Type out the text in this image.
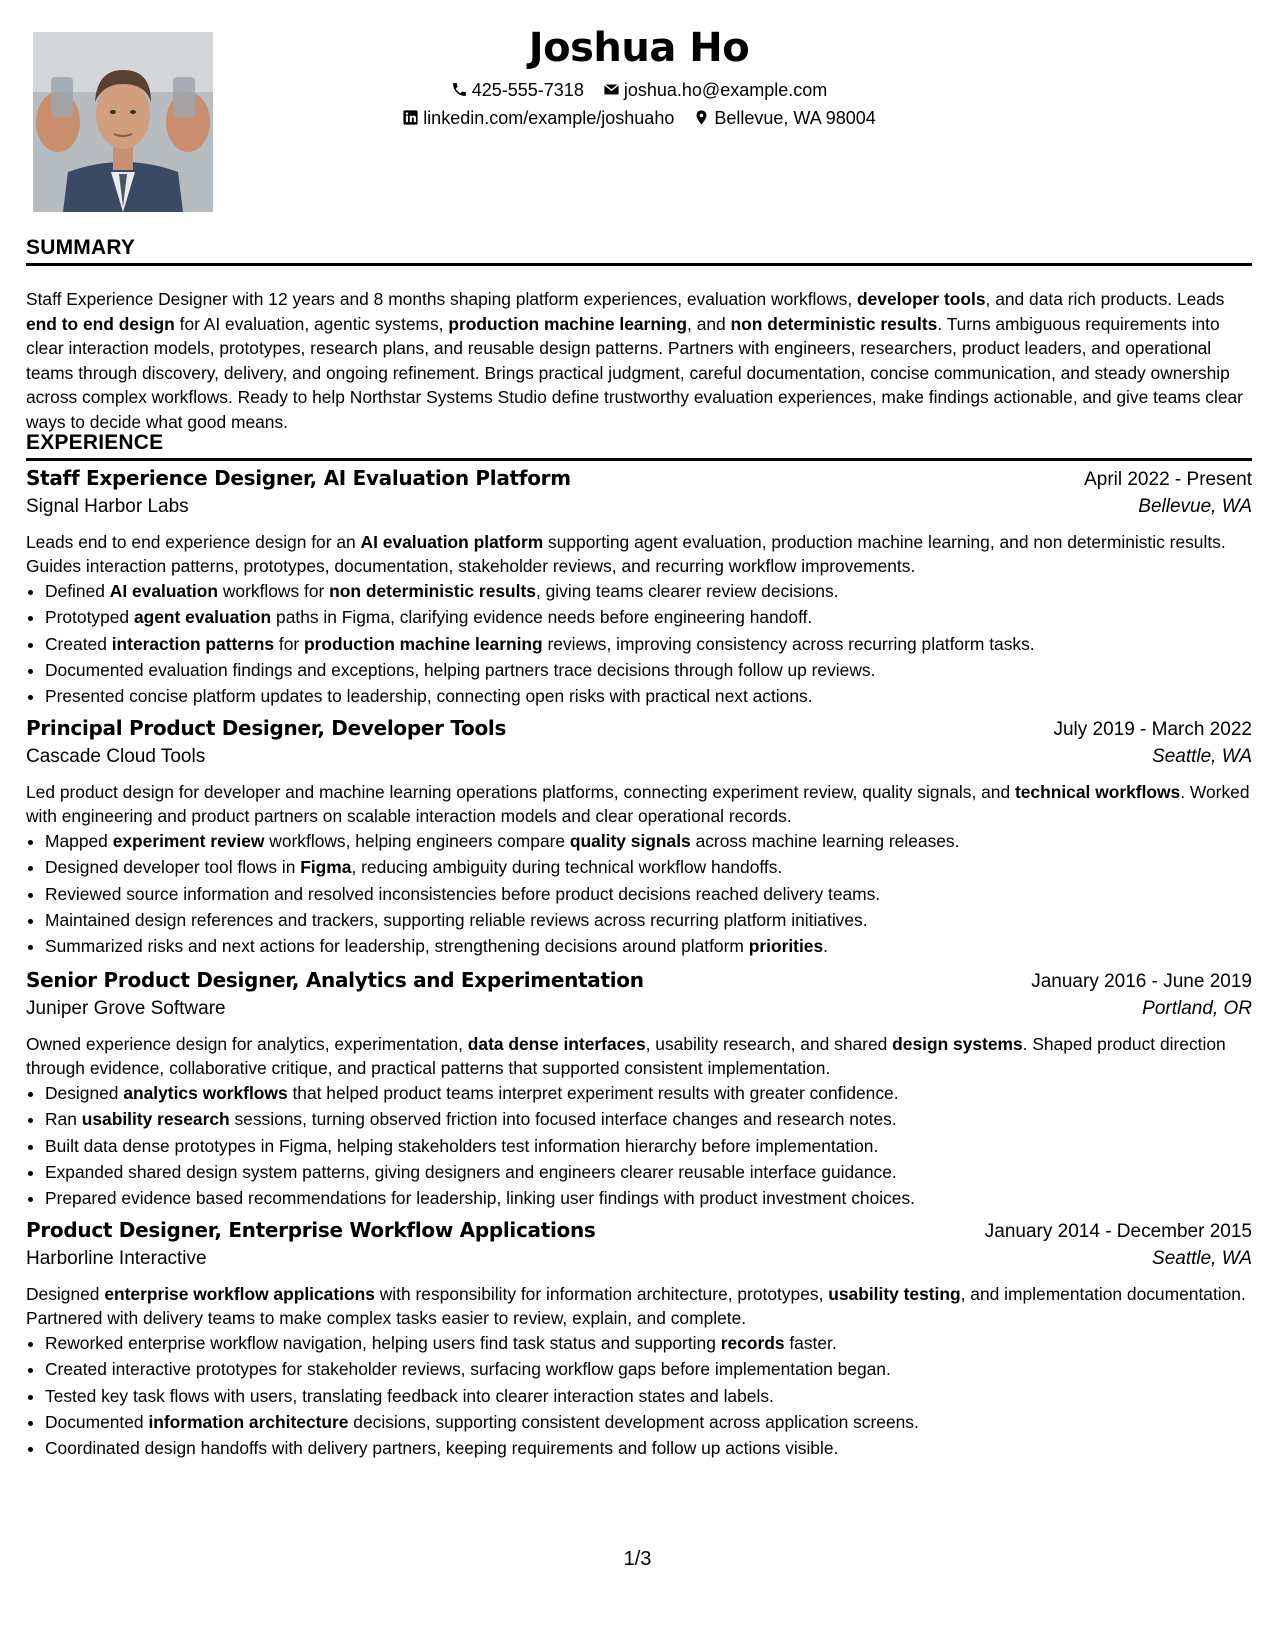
Joshua Ho
425-555-7318 joshua.ho@example.com
linkedin.com/example/joshuaho Bellevue, WA 98004
SUMMARY
Staff Experience Designer with 12 years and 8 months shaping platform experiences, evaluation workflows, developer tools, and data rich products. Leads end to end design for AI evaluation, agentic systems, production machine learning, and non deterministic results. Turns ambiguous requirements into clear interaction models, prototypes, research plans, and reusable design patterns. Partners with engineers, researchers, product leaders, and operational teams through discovery, delivery, and ongoing refinement. Brings practical judgment, careful documentation, concise communication, and steady ownership across complex workflows. Ready to help Northstar Systems Studio define trustworthy evaluation experiences, make findings actionable, and give teams clear ways to decide what good means.
EXPERIENCE
Staff Experience Designer, AI Evaluation Platform	April 2022 - Present
Signal Harbor Labs	Bellevue, WA
Leads end to end experience design for an AI evaluation platform supporting agent evaluation, production machine learning, and non deterministic results. Guides interaction patterns, prototypes, documentation, stakeholder reviews, and recurring workflow improvements.
• Defined AI evaluation workflows for non deterministic results, giving teams clearer review decisions.
• Prototyped agent evaluation paths in Figma, clarifying evidence needs before engineering handoff.
• Created interaction patterns for production machine learning reviews, improving consistency across recurring platform tasks.
• Documented evaluation findings and exceptions, helping partners trace decisions through follow up reviews.
• Presented concise platform updates to leadership, connecting open risks with practical next actions.
Principal Product Designer, Developer Tools	July 2019 - March 2022
Cascade Cloud Tools	Seattle, WA
Led product design for developer and machine learning operations platforms, connecting experiment review, quality signals, and technical workflows. Worked with engineering and product partners on scalable interaction models and clear operational records.
• Mapped experiment review workflows, helping engineers compare quality signals across machine learning releases.
• Designed developer tool flows in Figma, reducing ambiguity during technical workflow handoffs.
• Reviewed source information and resolved inconsistencies before product decisions reached delivery teams.
• Maintained design references and trackers, supporting reliable reviews across recurring platform initiatives.
• Summarized risks and next actions for leadership, strengthening decisions around platform priorities.
Senior Product Designer, Analytics and Experimentation	January 2016 - June 2019
Juniper Grove Software	Portland, OR
Owned experience design for analytics, experimentation, data dense interfaces, usability research, and shared design systems. Shaped product direction through evidence, collaborative critique, and practical patterns that supported consistent implementation.
• Designed analytics workflows that helped product teams interpret experiment results with greater confidence.
• Ran usability research sessions, turning observed friction into focused interface changes and research notes.
• Built data dense prototypes in Figma, helping stakeholders test information hierarchy before implementation.
• Expanded shared design system patterns, giving designers and engineers clearer reusable interface guidance.
• Prepared evidence based recommendations for leadership, linking user findings with product investment choices.
Product Designer, Enterprise Workflow Applications	January 2014 - December 2015
Harborline Interactive	Seattle, WA
Designed enterprise workflow applications with responsibility for information architecture, prototypes, usability testing, and implementation documentation. Partnered with delivery teams to make complex tasks easier to review, explain, and complete.
• Reworked enterprise workflow navigation, helping users find task status and supporting records faster.
• Created interactive prototypes for stakeholder reviews, surfacing workflow gaps before implementation began.
• Tested key task flows with users, translating feedback into clearer interaction states and labels.
• Documented information architecture decisions, supporting consistent development across application screens.
• Coordinated design handoffs with delivery partners, keeping requirements and follow up actions visible.
1/3
